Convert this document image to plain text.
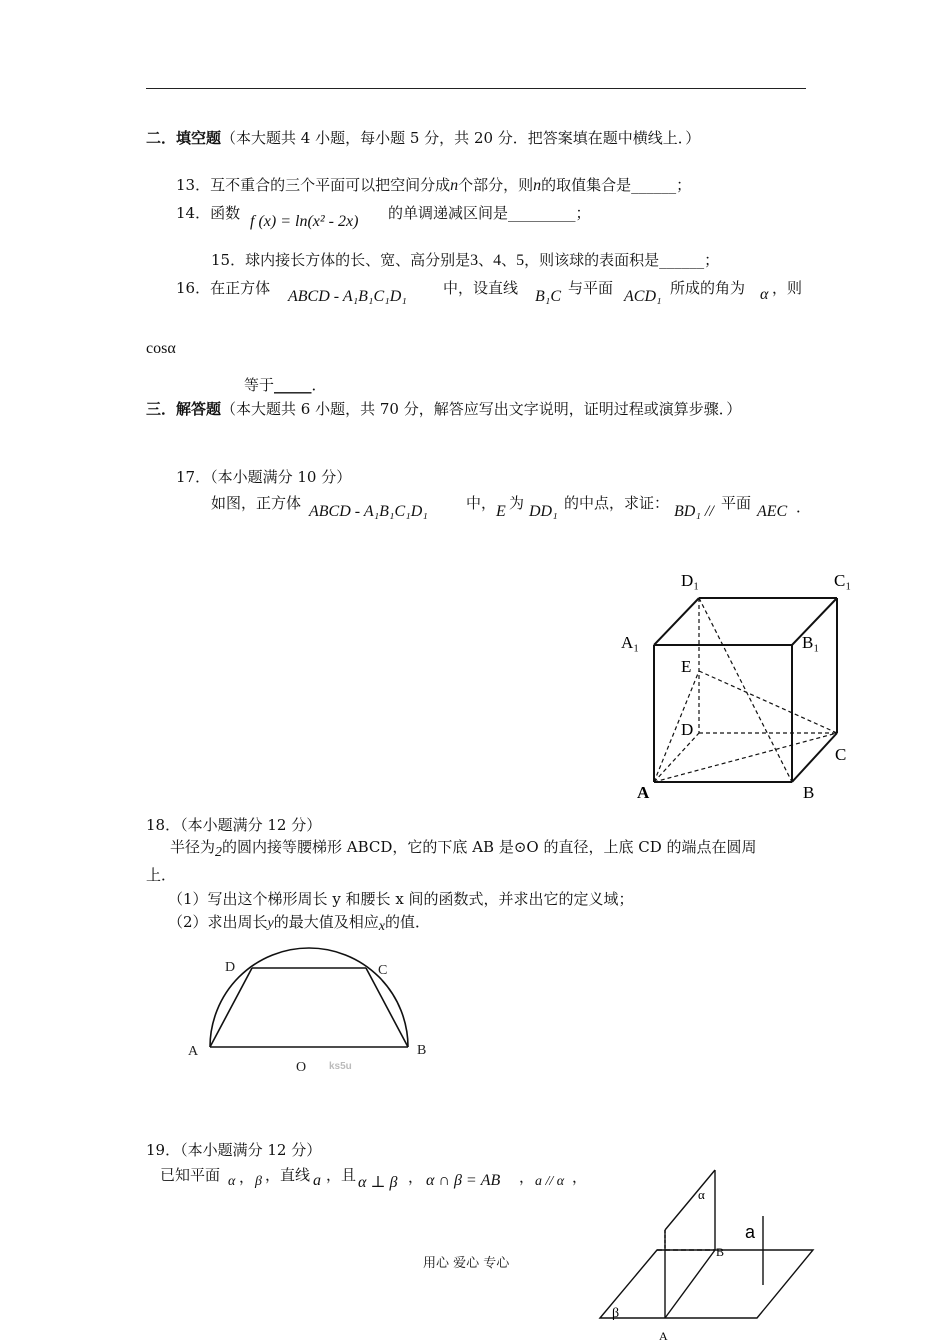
二．填空题（本大题共 4 小题，每小题 5 分，共 20 分．把答案填在题中横线上．）
13．互不重合的三个平面可以把空间分成n个部分，则n的取值集合是______；
14．函数 f (x) = ln(x² - 2x) 的单调递减区间是_________；
15．球内接长方体的长、宽、高分别是3、4、5，则该球的表面积是______；
16．在正方体 ABCD - A₁B₁C₁D₁ 中，设直线 B₁C 与平面 ACD₁ 所成的角为 α ，则
cosα
等于_____．
三．解答题（本大题共 6 小题，共 70 分，解答应写出文字说明，证明过程或演算步骤．）
17．（本小题满分 10 分）
如图，正方体 ABCD - A₁B₁C₁D₁	中， E 为 DD₁ 的中点，求证： BD₁ // 平面 AEC ．
D₁	C₁
A₁	B₁
E
D
C
A	B
18．（本小题满分 12 分）
半径为2的圆内接等腰梯形 ABCD，它的下底 AB 是⊙O 的直径，上底 CD 的端点在圆周
上．
（1）写出这个梯形周长 y 和腰长 x 间的函数式，并求出它的定义域；
（2）求出周长y的最大值及相应x的值．
D	C
A	B
O ks5u
19．（本小题满分 12 分）
已知平面 α ， β ，直线 a ，且 α ⊥ β ， α ∩ β = AB ， a // α ，
α
a
B
β
A
用心 爱心 专心
